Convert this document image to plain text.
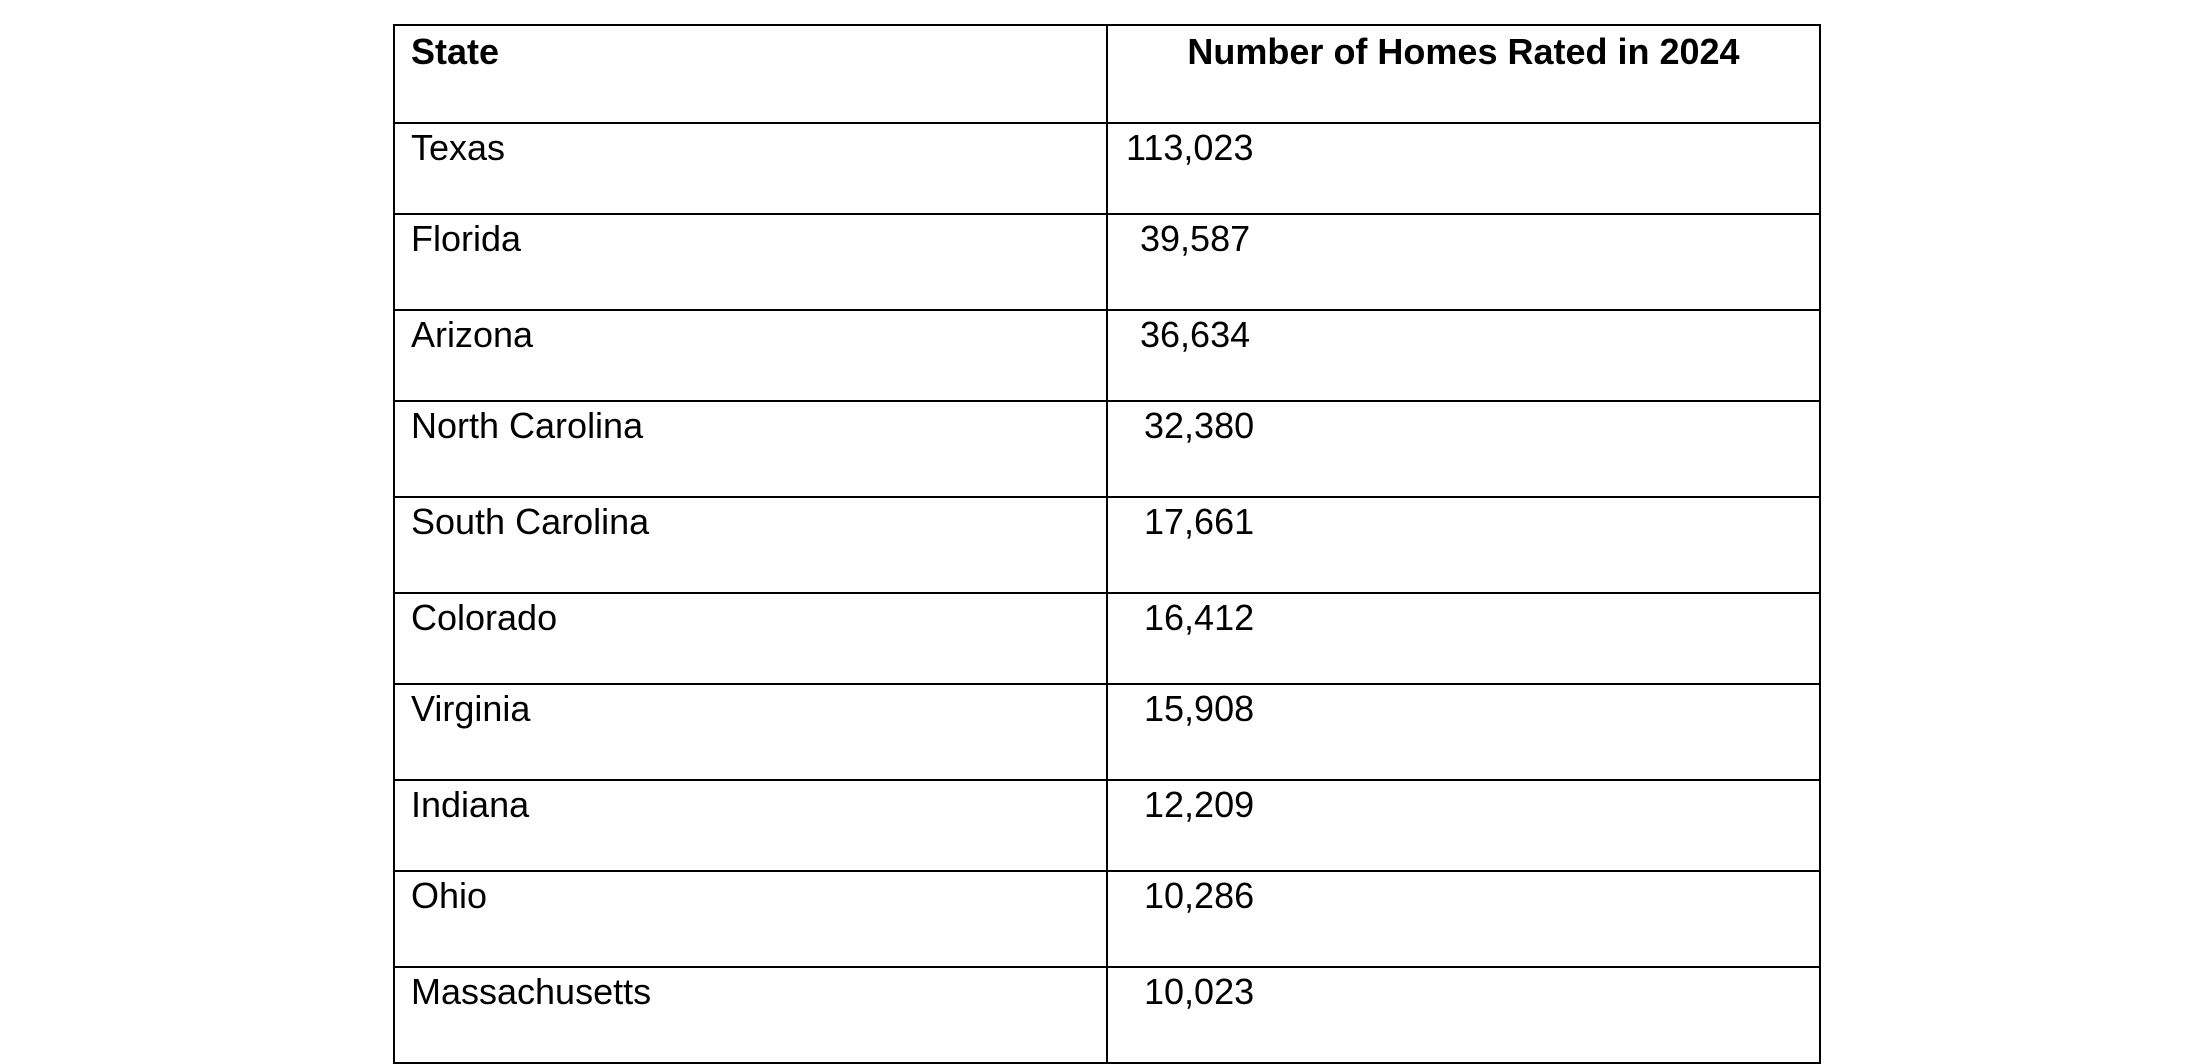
State	Number of Homes Rated in 2024
Texas	113,023
Florida	39,587
Arizona	36,634
North Carolina	32,380
South Carolina	17,661
Colorado	16,412
Virginia	15,908
Indiana	12,209
Ohio	10,286
Massachusetts	10,023
